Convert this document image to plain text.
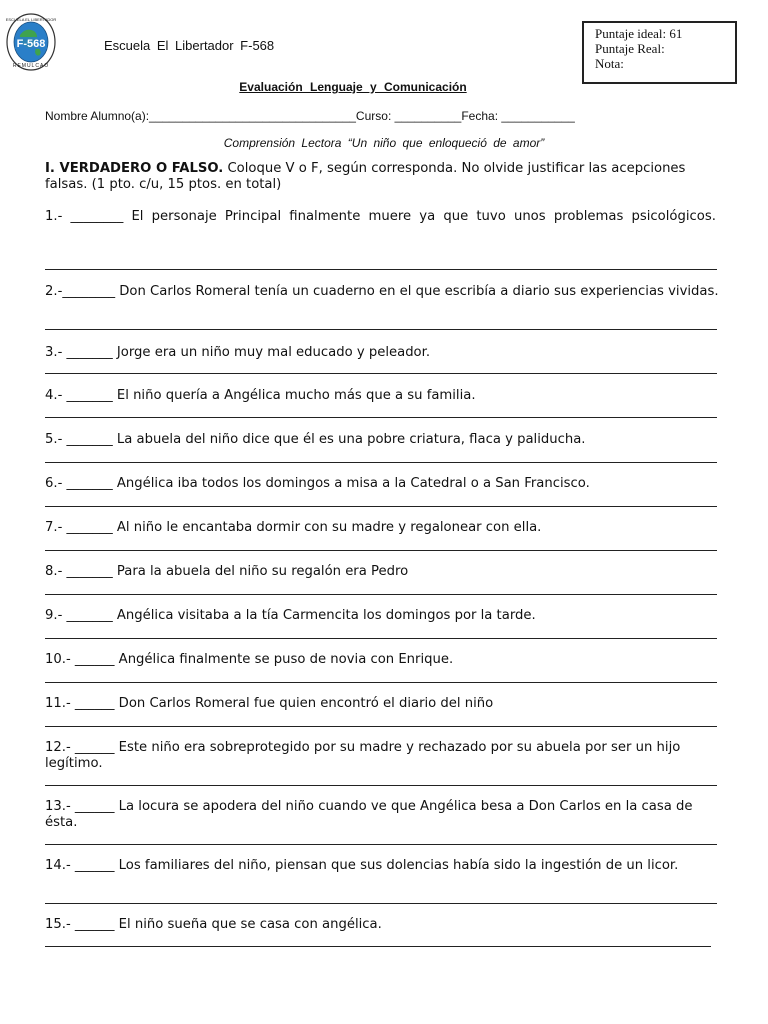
F-568
ESCUELA EL LIBERTADOR
REMULCAO
Escuela El Libertador F-568
Puntaje ideal: 61
Puntaje Real:
Nota:
Evaluación Lenguaje y Comunicación
Nombre Alumno(a):_______________________________Curso: __________Fecha: ___________
Comprensión Lectora “Un niño que enloqueció de amor”
I. VERDADERO O FALSO. Coloque V o F, según corresponda. No olvide justificar las acepciones falsas. (1 pto. c/u, 15 ptos. en total)
1.- ________ El personaje Principal finalmente muere ya que tuvo unos problemas psicológicos.
2.-________ Don Carlos Romeral tenía un cuaderno en el que escribía a diario sus experiencias vividas.
3.- _______ Jorge era un niño muy mal educado y peleador.
4.- _______ El niño quería a Angélica mucho más que a su familia.
5.- _______ La abuela del niño dice que él es una pobre criatura, flaca y paliducha.
6.- _______ Angélica iba todos los domingos a misa a la Catedral o a San Francisco.
7.- _______ Al niño le encantaba dormir con su madre y regalonear con ella.
8.- _______ Para la abuela del niño su regalón era Pedro
9.- _______ Angélica visitaba a la tía Carmencita los domingos por la tarde.
10.- ______ Angélica finalmente se puso de novia con Enrique.
11.- ______ Don Carlos Romeral fue quien encontró el diario del niño
12.- ______ Este niño era sobreprotegido por su madre y rechazado por su abuela por ser un hijo legítimo.
13.- ______ La locura se apodera del niño cuando ve que Angélica besa a Don Carlos en la casa de ésta.
14.- ______ Los familiares del niño, piensan que sus dolencias había sido la ingestión de un licor.
15.- ______ El niño sueña que se casa con angélica.
